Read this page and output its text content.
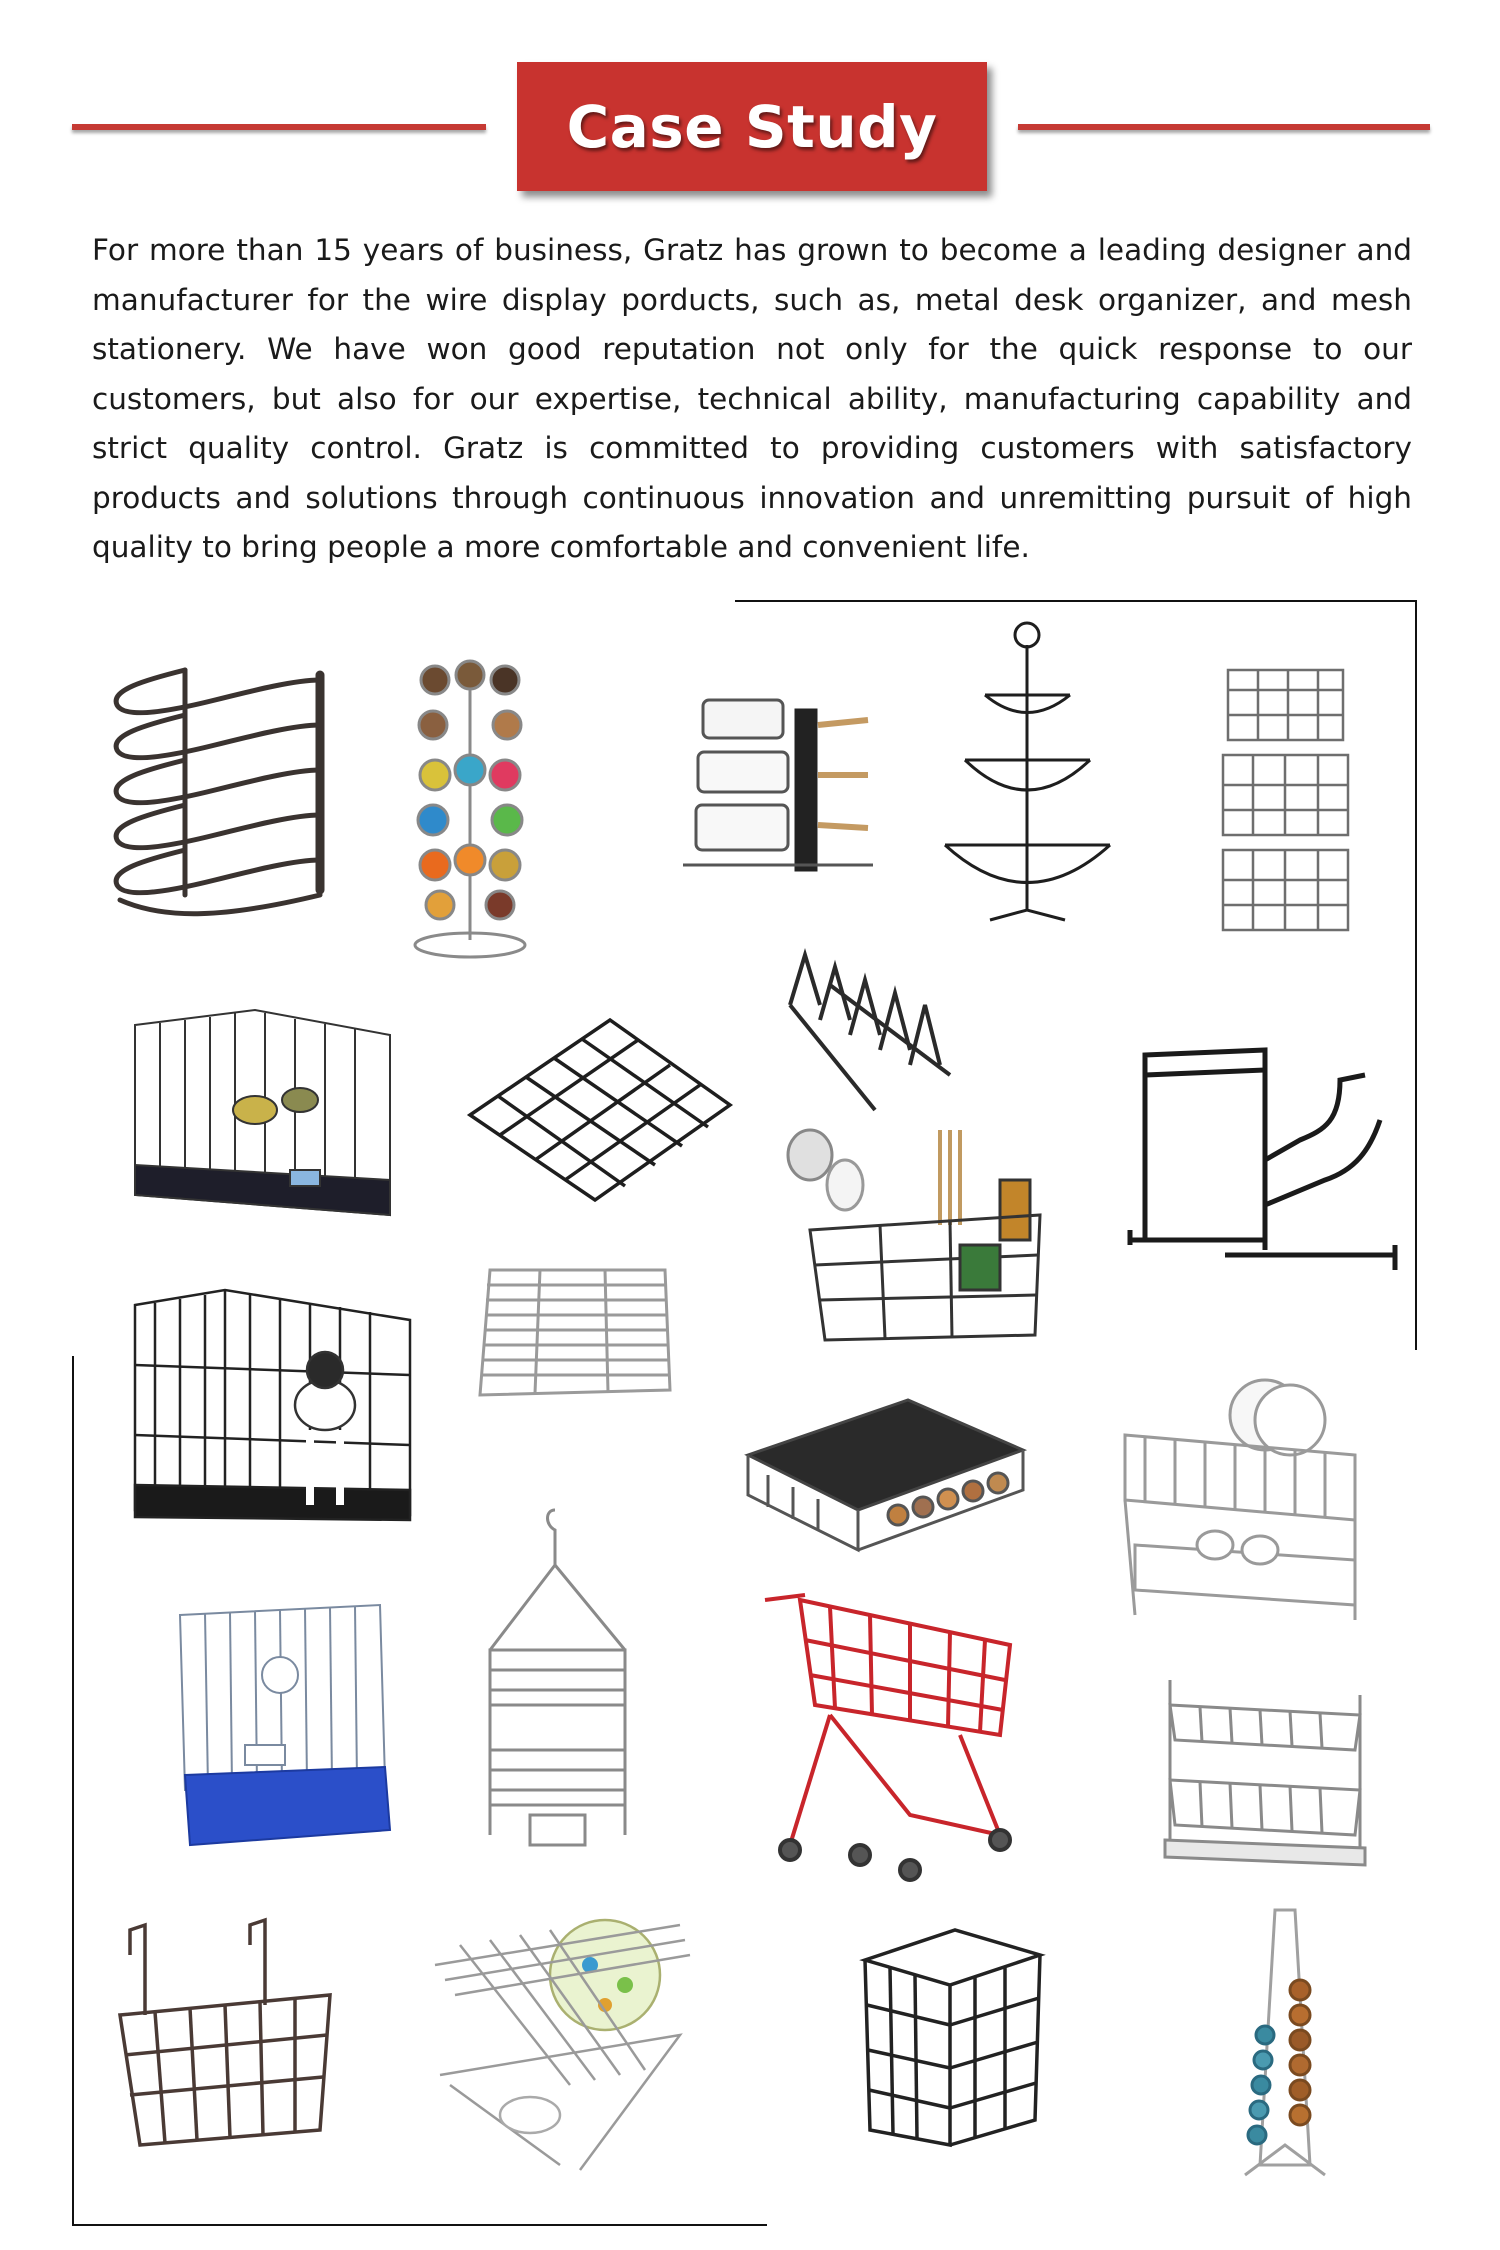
Case Study

For more than 15 years of business, Gratz has grown to become a leading designer and manufacturer for the wire display porducts, such as, metal desk organizer, and mesh stationery. We have won good reputation not only for the quick response to our customers, but also for our expertise, technical ability, manufacturing capability and strict quality control. Gratz is committed to providing customers with satisfactory products and solutions through continuous innovation and unremitting pursuit of high quality to bring people a more comfortable and convenient life.
